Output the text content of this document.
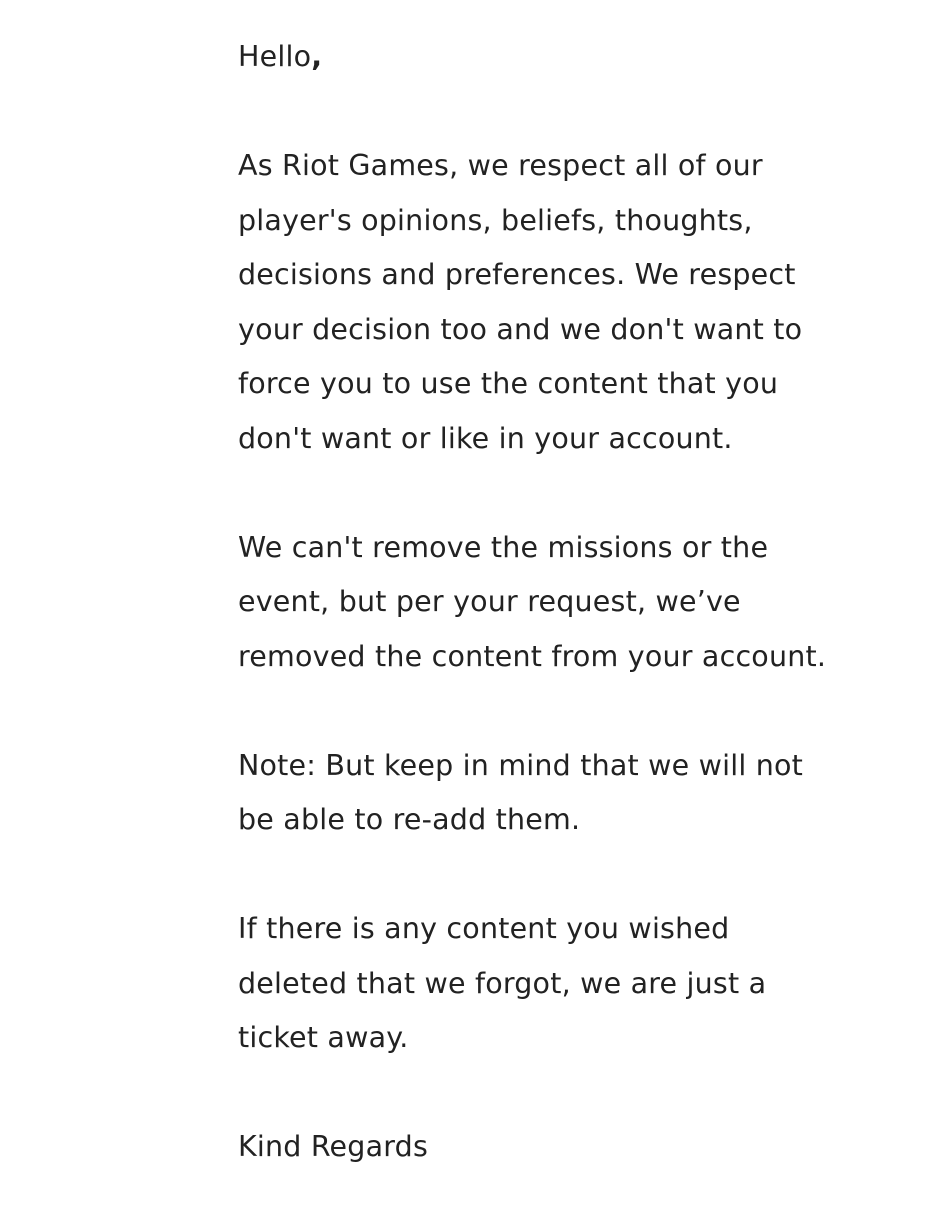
Hello,

As Riot Games, we respect all of our
player's opinions, beliefs, thoughts,
decisions and preferences. We respect
your decision too and we don't want to
force you to use the content that you
don't want or like in your account.

We can't remove the missions or the
event, but per your request, we’ve
removed the content from your account.

Note: But keep in mind that we will not
be able to re-add them.

If there is any content you wished
deleted that we forgot, we are just a
ticket away.

Kind Regards
